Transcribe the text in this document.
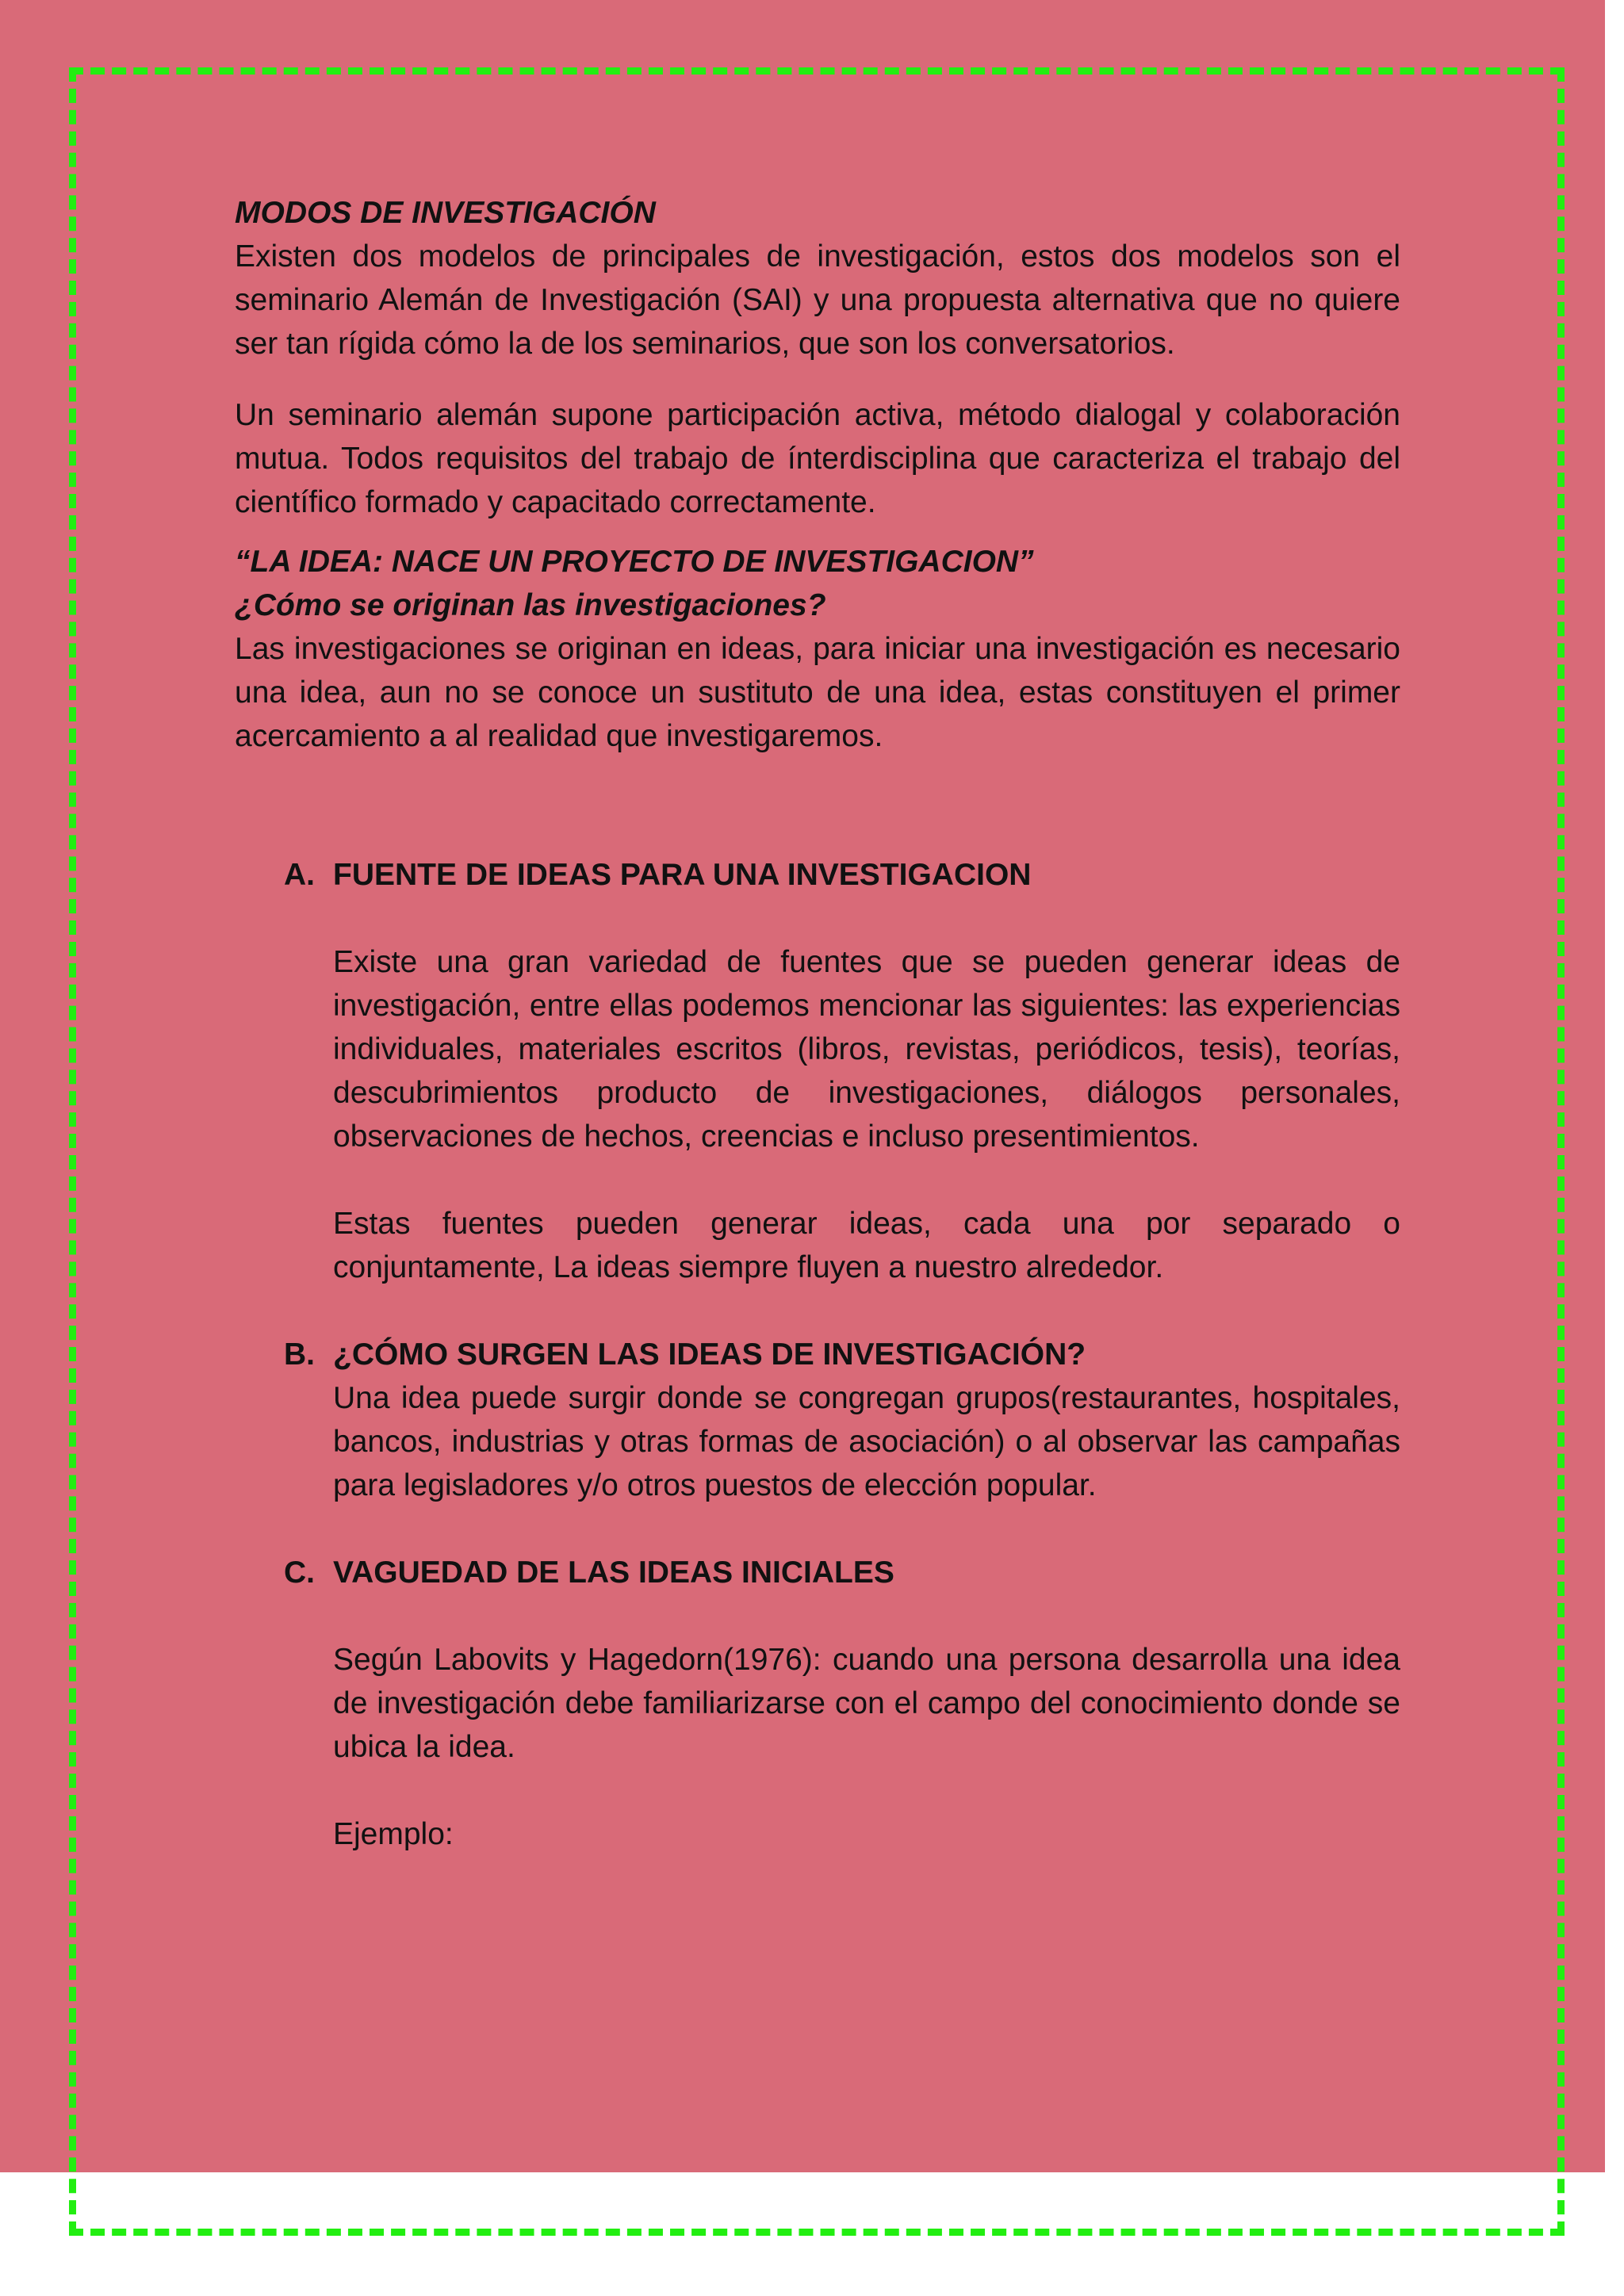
MODOS DE INVESTIGACIÓN

Existen dos modelos de principales de investigación, estos dos modelos son el seminario Alemán de Investigación (SAI) y una propuesta alternativa que no quiere ser tan rígida cómo la de los seminarios, que son los conversatorios.

Un seminario alemán supone participación activa, método dialogal y colaboración mutua. Todos requisitos del trabajo de ínterdisciplina que caracteriza el trabajo del científico formado y capacitado correctamente.

“LA IDEA: NACE UN PROYECTO DE INVESTIGACION”

¿Cómo se originan las investigaciones?

Las investigaciones se originan en ideas, para iniciar una investigación es necesario una idea, aun no se conoce un sustituto de una idea, estas constituyen el primer acercamiento a al realidad que investigaremos.

A. FUENTE DE IDEAS PARA UNA INVESTIGACION

Existe una gran variedad de fuentes que se pueden generar ideas de investigación, entre ellas podemos mencionar las siguientes: las experiencias individuales, materiales escritos (libros, revistas, periódicos, tesis), teorías, descubrimientos producto de investigaciones, diálogos personales, observaciones de hechos, creencias e incluso presentimientos.

Estas fuentes pueden generar ideas, cada una por separado o conjuntamente, La ideas siempre fluyen a nuestro alrededor.

B. ¿CÓMO SURGEN LAS IDEAS DE INVESTIGACIÓN?

Una idea puede surgir donde se congregan grupos(restaurantes, hospitales, bancos, industrias y otras formas de asociación) o al observar las campañas para legisladores y/o otros puestos de elección popular.

C. VAGUEDAD DE LAS IDEAS INICIALES

Según Labovits y Hagedorn(1976): cuando una persona desarrolla una idea de investigación debe familiarizarse con el campo del conocimiento donde se ubica la idea.

Ejemplo:
